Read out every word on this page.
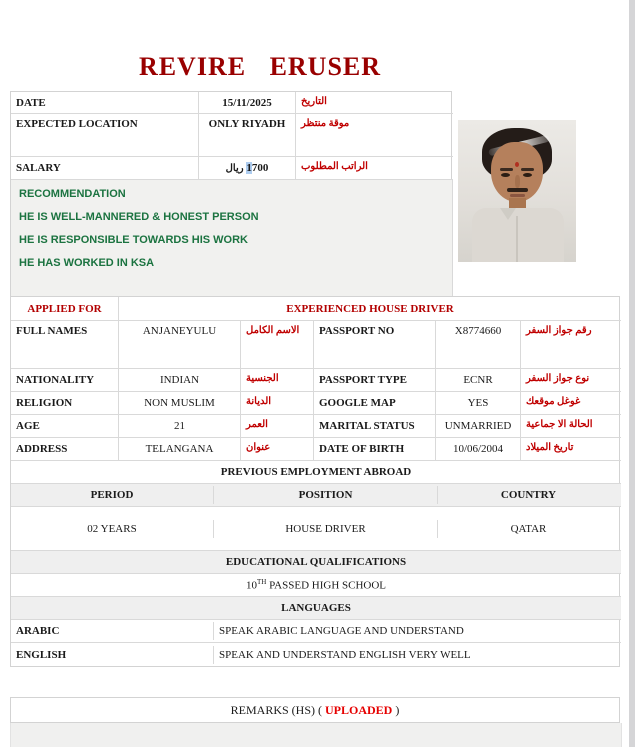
REVIRE ERUSER
DATE	15/11/2025	التاريخ
EXPECTED LOCATION	ONLY RIYADH	موقة منتظر
SALARY	1700 ريال	الراتب المطلوب
RECOMMENDATION
HE IS WELL-MANNERED & HONEST PERSON
HE IS RESPONSIBLE TOWARDS HIS WORK
HE HAS WORKED IN KSA
APPLIED FOR	EXPERIENCED HOUSE DRIVER
FULL NAMES	ANJANEYULU	الاسم الكامل	PASSPORT NO	X8774660	رقم جواز السفر
NATIONALITY	INDIAN	الجنسية	PASSPORT TYPE	ECNR	نوع جواز السفر
RELIGION	NON MUSLIM	الديانة	GOOGLE MAP	YES	غوغل موقعك
AGE	21	العمر	MARITAL STATUS	UNMARRIED	الحالة الا جماعية
ADDRESS	TELANGANA	عنوان	DATE OF BIRTH	10/06/2004	تاريخ الميلاد
PREVIOUS EMPLOYMENT ABROAD
PERIOD	POSITION	COUNTRY
02 YEARS	HOUSE DRIVER	QATAR
EDUCATIONAL QUALIFICATIONS
10TH PASSED HIGH SCHOOL
LANGUAGES
ARABIC	SPEAK ARABIC LANGUAGE AND UNDERSTAND
ENGLISH	SPEAK AND UNDERSTAND ENGLISH VERY WELL
REMARKS (HS) ( UPLOADED )
